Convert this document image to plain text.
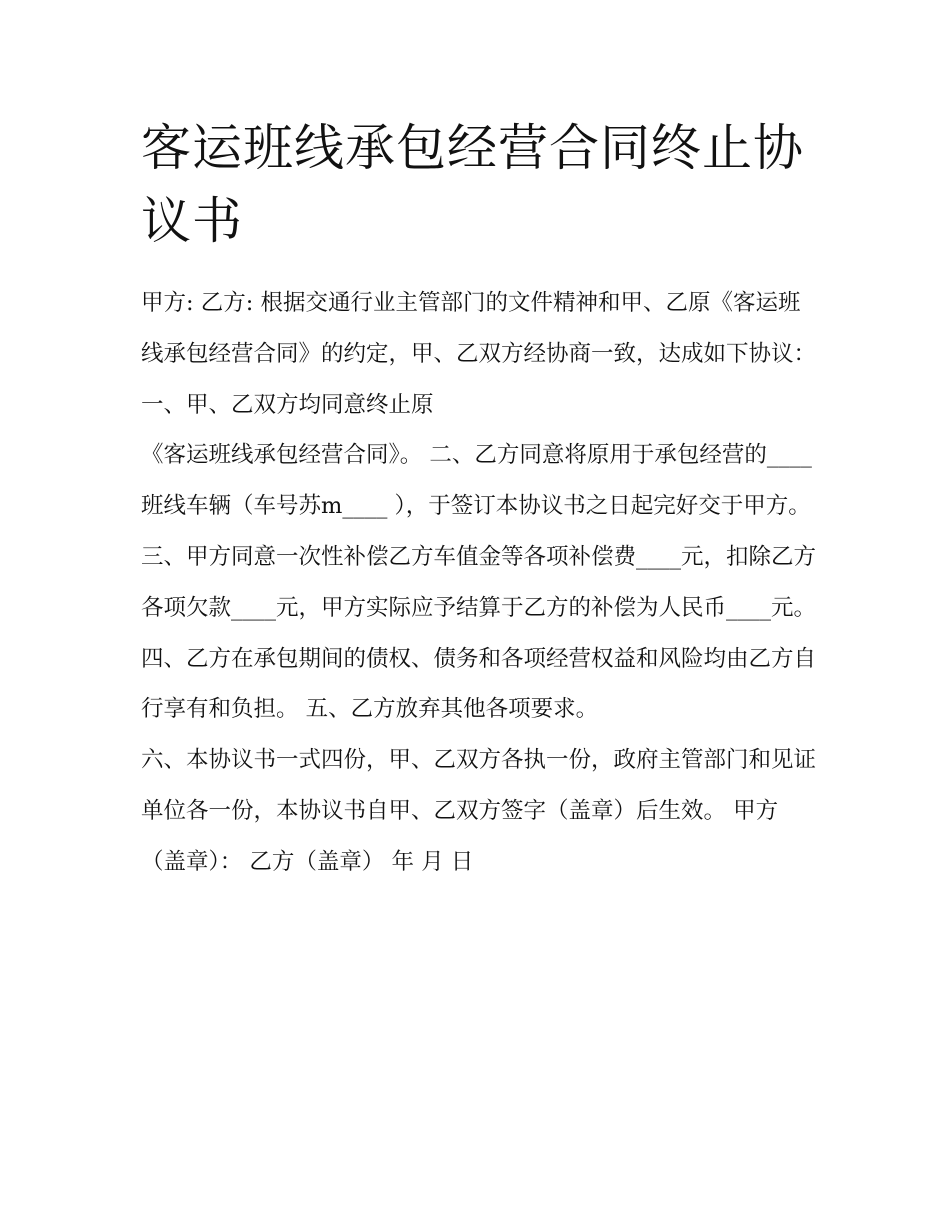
客运班线承包经营合同终止协议书

甲方: 乙方: 根据交通行业主管部门的文件精神和甲、乙原《客运班线承包经营合同》的约定，甲、乙双方经协商一致，达成如下协议： 一、甲、乙双方均同意终止原

《客运班线承包经营合同》。 二、乙方同意将原用于承包经营的____班线车辆（车号苏m____ ），于签订本协议书之日起完好交于甲方。

三、甲方同意一次性补偿乙方车值金等各项补偿费____元，扣除乙方各项欠款____元，甲方实际应予结算于乙方的补偿为人民币____元。

四、乙方在承包期间的债权、债务和各项经营权益和风险均由乙方自行享有和负担。 五、乙方放弃其他各项要求。

六、本协议书一式四份，甲、乙双方各执一份，政府主管部门和见证单位各一份，本协议书自甲、乙双方签字（盖章）后生效。 甲方（盖章）： 乙方（盖章） 年 月 日
